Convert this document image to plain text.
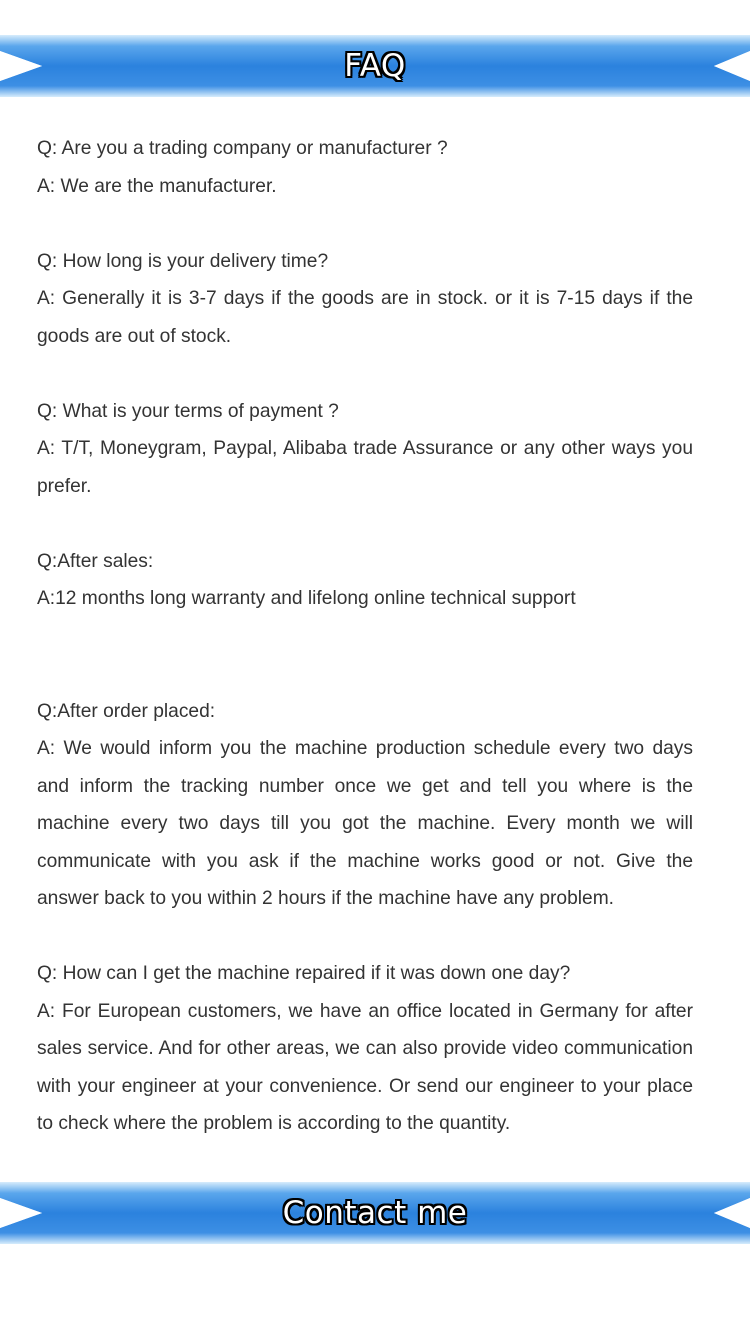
FAQ

Q: Are you a trading company or manufacturer ?

A: We are the manufacturer.

Q: How long is your delivery time?

A: Generally it is 3-7 days if the goods are in stock. or it is 7-15 days if the goods are out of stock.

Q: What is your terms of payment ?

A: T/T, Moneygram, Paypal, Alibaba trade Assurance or any other ways you prefer.

Q:After sales:

A:12 months long warranty and lifelong online technical support

Q:After order placed:

A: We would inform you the machine production schedule every two days and inform the tracking number once we get and tell you where is the machine every two days till you got the machine. Every month we will communicate with you ask if the machine works good or not. Give the answer back to you within 2 hours if the machine have any problem.

Q: How can I get the machine repaired if it was down one day?

A: For European customers, we have an office located in Germany for after sales service. And for other areas, we can also provide video communication with your engineer at your convenience. Or send our engineer to your place to check where the problem is according to the quantity.

Contact me
